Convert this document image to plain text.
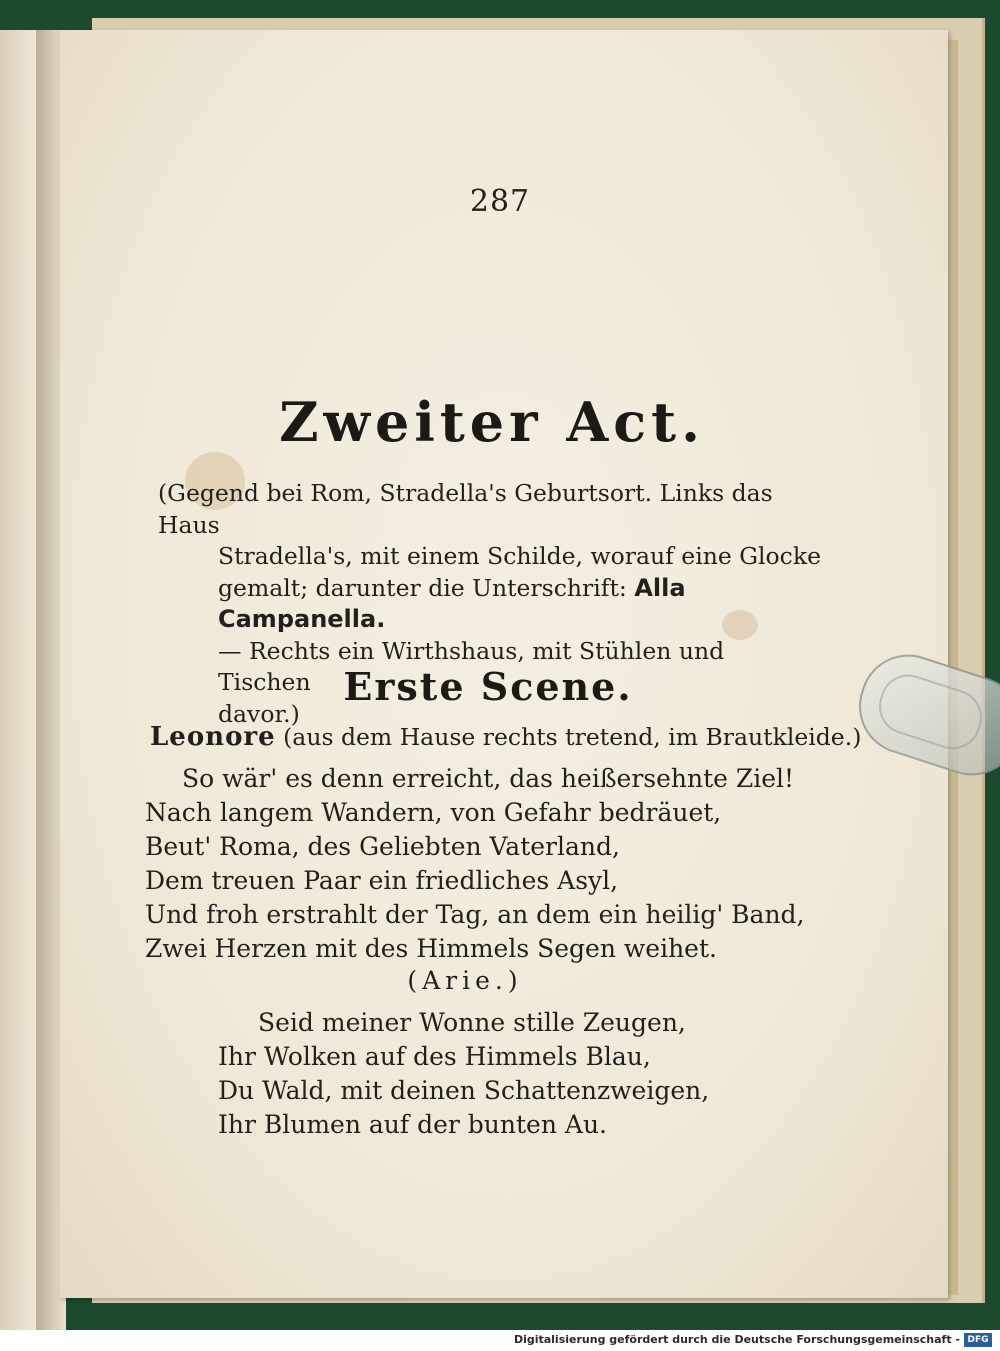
287
Zweiter Act.

(Gegend bei Rom, Stradella's Geburtsort. Links das Haus

Stradella's, mit einem Schilde, worauf eine Glocke

gemalt; darunter die Unterschrift: Alla Campanella.

— Rechts ein Wirthshaus, mit Stühlen und Tischen

davor.)

Erste Scene.
Leonore (aus dem Hause rechts tretend, im Brautkleide.)
So wär' es denn erreicht, das heißersehnte Ziel!
Nach langem Wandern, von Gefahr bedräuet,
Beut' Roma, des Geliebten Vaterland,
Dem treuen Paar ein friedliches Asyl,
Und froh erstrahlt der Tag, an dem ein heilig' Band,
Zwei Herzen mit des Himmels Segen weihet.
(Arie.)
Seid meiner Wonne stille Zeugen,
Ihr Wolken auf des Himmels Blau,
Du Wald, mit deinen Schattenzweigen,
Ihr Blumen auf der bunten Au.
Digitalisierung gefördert durch die Deutsche Forschungsgemeinschaft - DFG
